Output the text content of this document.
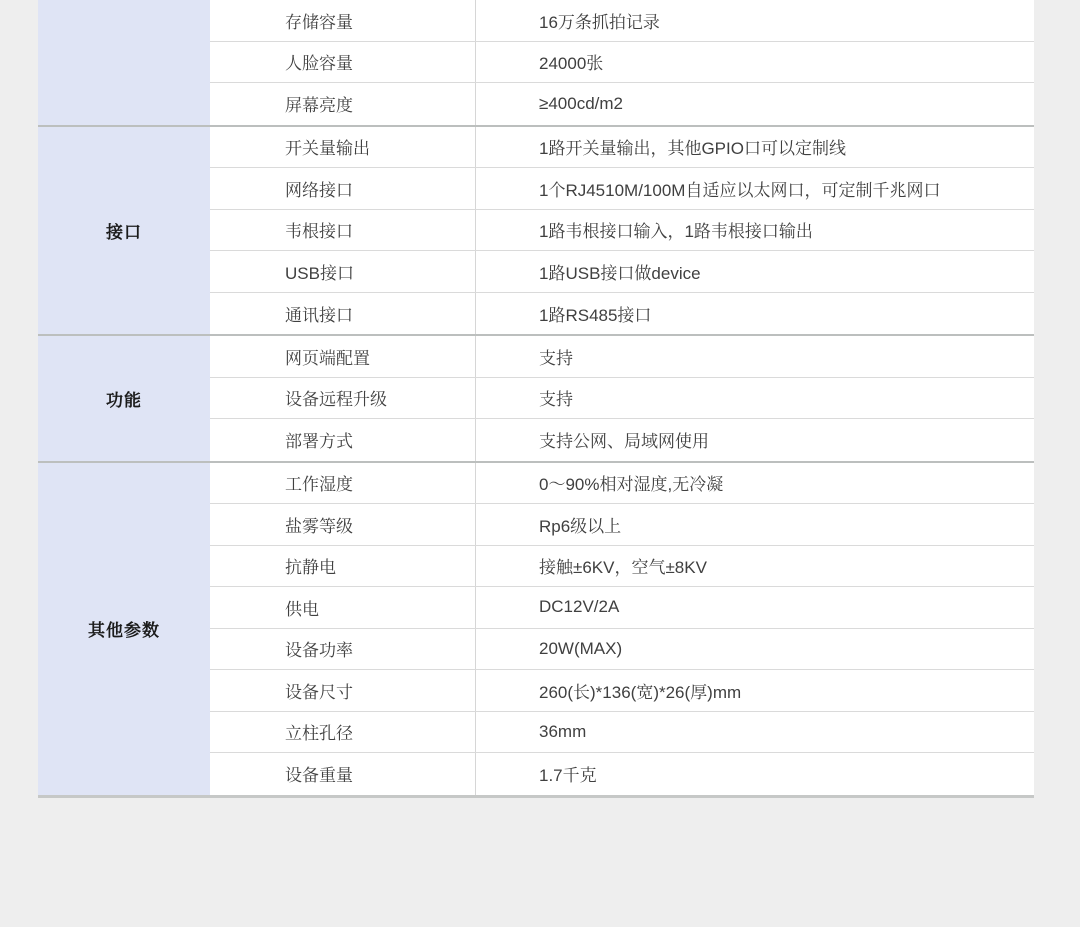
存储容量	16万条抓拍记录
人脸容量	24000张
屏幕亮度	≥400cd/m2
接口
开关量输出	1路开关量输出，其他GPIO口可以定制线
网络接口	1个RJ4510M/100M自适应以太网口，可定制千兆网口
韦根接口	1路韦根接口输入，1路韦根接口输出
USB接口	1路USB接口做device
通讯接口	1路RS485接口
功能
网页端配置	支持
设备远程升级	支持
部署方式	支持公网、局域网使用
其他参数
工作湿度	0～90%相对湿度,无冷凝
盐雾等级	Rp6级以上
抗静电	接触±6KV，空气±8KV
供电	DC12V/2A
设备功率	20W(MAX)
设备尺寸	260(长)*136(宽)*26(厚)mm
立柱孔径	36mm
设备重量	1.7千克
